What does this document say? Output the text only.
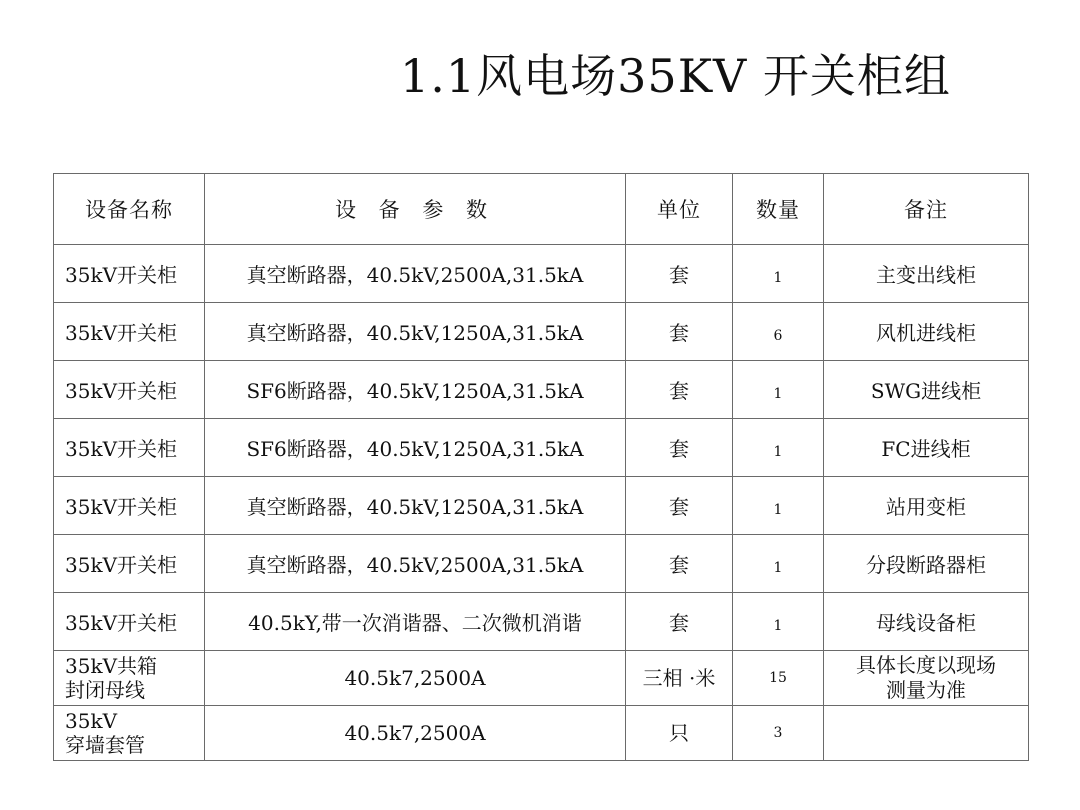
1.1风电场35KV 开关柜组
设备名称	设 备 参 数	单位	数量	备注
35kV开关柜	真空断路器，40.5kV,2500A,31.5kA	套	1	主变出线柜
35kV开关柜	真空断路器，40.5kV,1250A,31.5kA	套	6	风机进线柜
35kV开关柜	SF6断路器，40.5kV,1250A,31.5kA	套	1	SWG进线柜
35kV开关柜	SF6断路器，40.5kV,1250A,31.5kA	套	1	FC进线柜
35kV开关柜	真空断路器，40.5kV,1250A,31.5kA	套	1	站用变柜
35kV开关柜	真空断路器，40.5kV,2500A,31.5kA	套	1	分段断路器柜
35kV开关柜	40.5kY,带一次消谐器、二次微机消谐	套	1	母线设备柜

35kV共箱
封闭母线	40.5k7,2500A	三相 ·米	15	具体长度以现场
测量为准

35kV
穿墙套管	40.5k7,2500A	只	3	
